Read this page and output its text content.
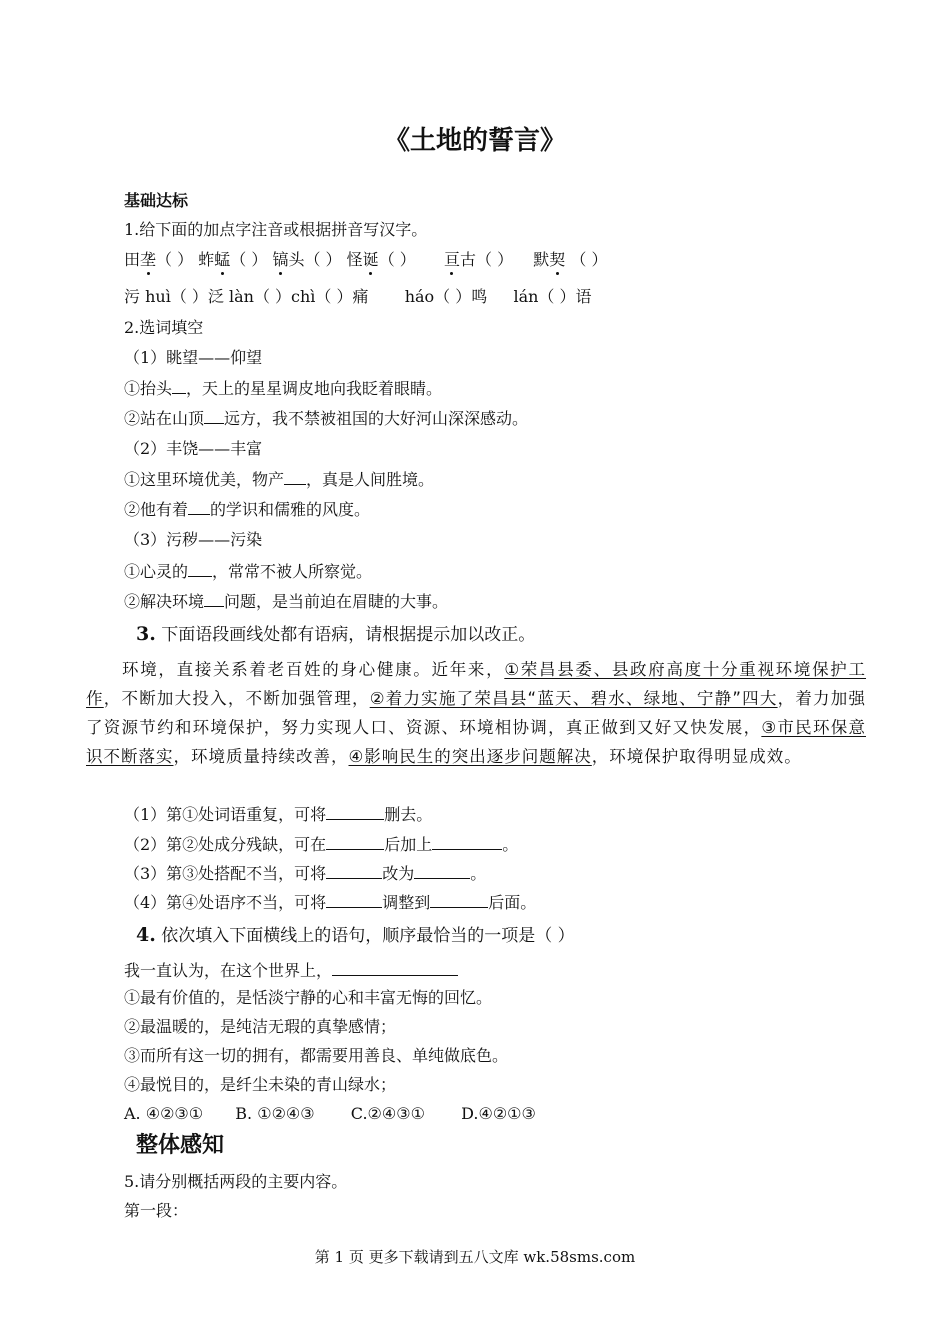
《土地的誓言》
基础达标
1.给下面的加点字注音或根据拼音写汉字。
田垄（ ） 蚱蜢（ ） 镐头（ ） 怪诞（ ） 亘古（ ） 默契 （ ）
污 huì（ ）泛 làn（ ）chì（ ）痛 háo（ ）鸣 lán（ ）语
2.选词填空
（1）眺望——仰望
①抬头 ，天上的星星调皮地向我眨着眼睛。
②站在山顶 远方，我不禁被祖国的大好河山深深感动。
（2）丰饶——丰富
①这里环境优美，物产 ，真是人间胜境。
②他有着 的学识和儒雅的风度。
（3）污秽——污染
①心灵的 ，常常不被人所察觉。
②解决环境 问题，是当前迫在眉睫的大事。
3. 下面语段画线处都有语病，请根据提示加以改正。
环境，直接关系着老百姓的身心健康。近年来，①荣昌县委、县政府高度十分重视环境保护工作，不断加大投入，不断加强管理，②着力实施了荣昌县“蓝天、碧水、绿地、宁静”四大，着力加强了资源节约和环境保护，努力实现人口、资源、环境相协调，真正做到又好又快发展，③市民环保意识不断落实，环境质量持续改善，④影响民生的突出逐步问题解决，环境保护取得明显成效。
（1）第①处词语重复，可将	删去。
（2）第②处成分残缺，可在	后加上	。
（3）第③处搭配不当，可将	改为	。
（4）第④处语序不当，可将	调整到	后面。
4. 依次填入下面横线上的语句，顺序最恰当的一项是（ ）
我一直认为，在这个世界上，
①最有价值的，是恬淡宁静的心和丰富无悔的回忆。
②最温暖的，是纯洁无瑕的真挚感情；
③而所有这一切的拥有，都需要用善良、单纯做底色。
④最悦目的，是纤尘未染的青山绿水；
A. ④②③① B. ①②④③ C.②④③① D.④②①③
整体感知
5.请分别概括两段的主要内容。
第一段：
第 1 页 更多下载请到五八文库 wk.58sms.com
